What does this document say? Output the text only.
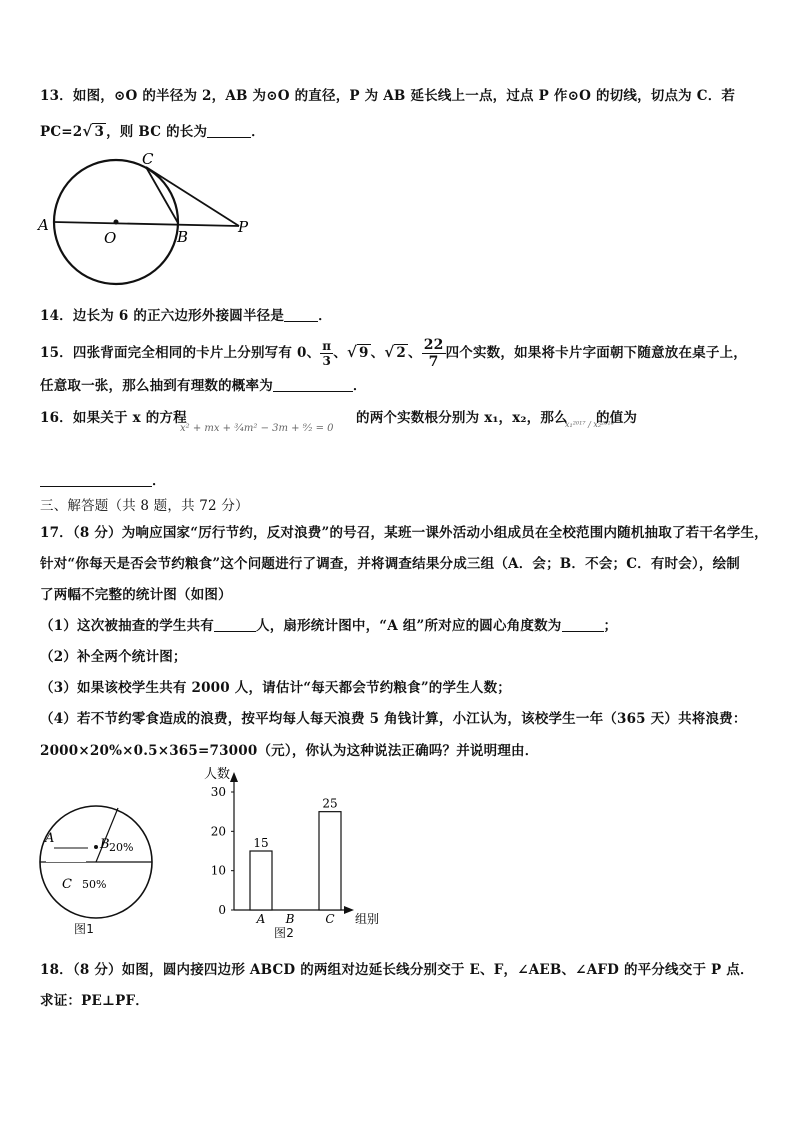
13．如图，⊙O 的半径为 2，AB 为⊙O 的直径，P 为 AB 延长线上一点，过点 P 作⊙O 的切线，切点为 C．若
PC=2√ 3 ，则 BC 的长为	．
A
O	B
C
P
14．边长为 6 的正六边形外接圆半径是	．
15．四张背面完全相同的卡片上分别写有 0、 $\frac{\pi}{3}$ 、√ 9 、√ 2 、 $\frac{22}{7}$ 四个实数，如果将卡片字面朝下随意放在桌子上，
任意取一张，那么抽到有理数的概率为	．
16．如果关于 x 的方程
x² + mx + ³⁄₄m² − 3m + ⁹⁄₂ = 0
的两个实数根分别为 x₁，x₂，那么
x₁²⁰¹⁷ / x₂²⁰¹⁸
的值为
．
三、解答题（共 8 题，共 72 分）
17．（8 分）为响应国家“厉行节约，反对浪费”的号召，某班一课外活动小组成员在全校范围内随机抽取了若干名学生，
针对“你每天是否会节约粮食”这个问题进行了调查，并将调查结果分成三组（A．会；B．不会；C．有时会），绘制
了两幅不完整的统计图（如图）
（1）这次被抽查的学生共有	人，扇形统计图中，“A 组”所对应的圆心角度数为	；
（2）补全两个统计图；
（3）如果该校学生共有 2000 人，请估计“每天都会节约粮食”的学生人数；
（4）若不节约零食造成的浪费，按平均每人每天浪费 5 角钱计算，小江认为，该校学生一年（365 天）共将浪费：
2000×20%×0.5×365=73000（元），你认为这种说法正确吗？并说明理由．
A	B 20%
C 50%
图1
人数
组别
0
10
20
30
15
A B
25
C
图2
18．（8 分）如图，圆内接四边形 ABCD 的两组对边延长线分别交于 E、F，∠AEB、∠AFD 的平分线交于 P 点．
求证：PE⊥PF．
